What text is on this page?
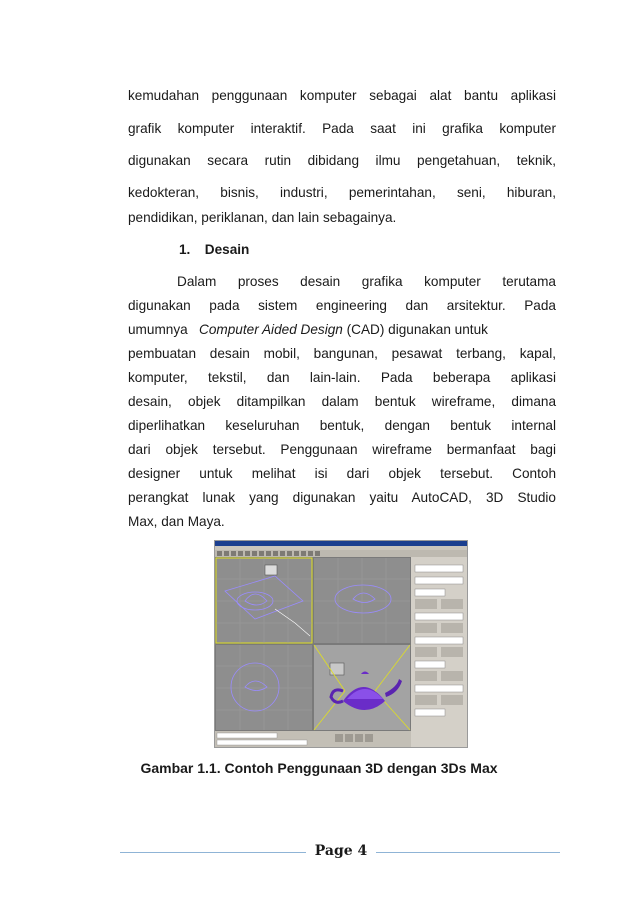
kemudahan penggunaan komputer sebagai alat bantu aplikasi
grafik komputer interaktif. Pada saat ini grafika komputer
digunakan secara rutin dibidang ilmu pengetahuan, teknik,
kedokteran, bisnis, industri, pemerintahan, seni, hiburan,
pendidikan, periklanan, dan lain sebagainya.
1. Desain
Dalam proses desain grafika komputer terutama
digunakan pada sistem engineering dan arsitektur. Pada
umumnya Computer Aided Design (CAD) digunakan untuk
pembuatan desain mobil, bangunan, pesawat terbang, kapal,
komputer, tekstil, dan lain-lain. Pada beberapa aplikasi
desain, objek ditampilkan dalam bentuk wireframe, dimana
diperlihatkan keseluruhan bentuk, dengan bentuk internal
dari objek tersebut. Penggunaan wireframe bermanfaat bagi
designer untuk melihat isi dari objek tersebut. Contoh
perangkat lunak yang digunakan yaitu AutoCAD, 3D Studio
Max, dan Maya.
Gambar 1.1. Contoh Penggunaan 3D dengan 3Ds Max
Page 4
